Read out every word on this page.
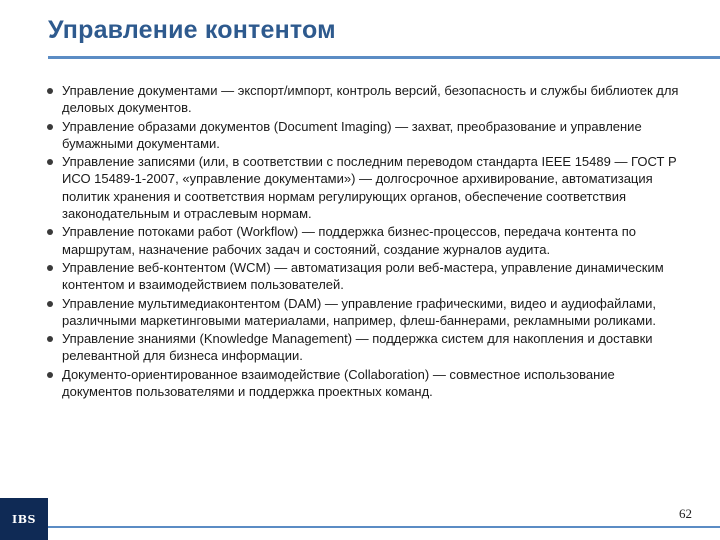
Управление контентом
Управление документами — экспорт/импорт, контроль версий, безопасность и службы библиотек для деловых документов.
Управление образами документов (Document Imaging) — захват, преобразование и управление бумажными документами.
Управление записями (или, в соответствии с последним переводом стандарта IEEE 15489 — ГОСТ Р ИСО 15489-1-2007, «управление документами») — долгосрочное архивирование, автоматизация политик хранения и соответствия нормам регулирующих органов, обеспечение соответствия законодательным и отраслевым нормам.
Управление потоками работ (Workflow) — поддержка бизнес-процессов, передача контента по маршрутам, назначение рабочих задач и состояний, создание журналов аудита.
Управление веб-контентом (WCM) — автоматизация роли веб-мастера, управление динамическим контентом и взаимодействием пользователей.
Управление мультимедиаконтентом (DAM) — управление графическими, видео и аудиофайлами, различными маркетинговыми материалами, например, флеш-баннерами, рекламными роликами.
Управление знаниями (Knowledge Management) — поддержка систем для накопления и доставки релевантной для бизнеса информации.
Документо-ориентированное взаимодействие (Collaboration) — совместное использование документов пользователями и поддержка проектных команд.
IBS	62
